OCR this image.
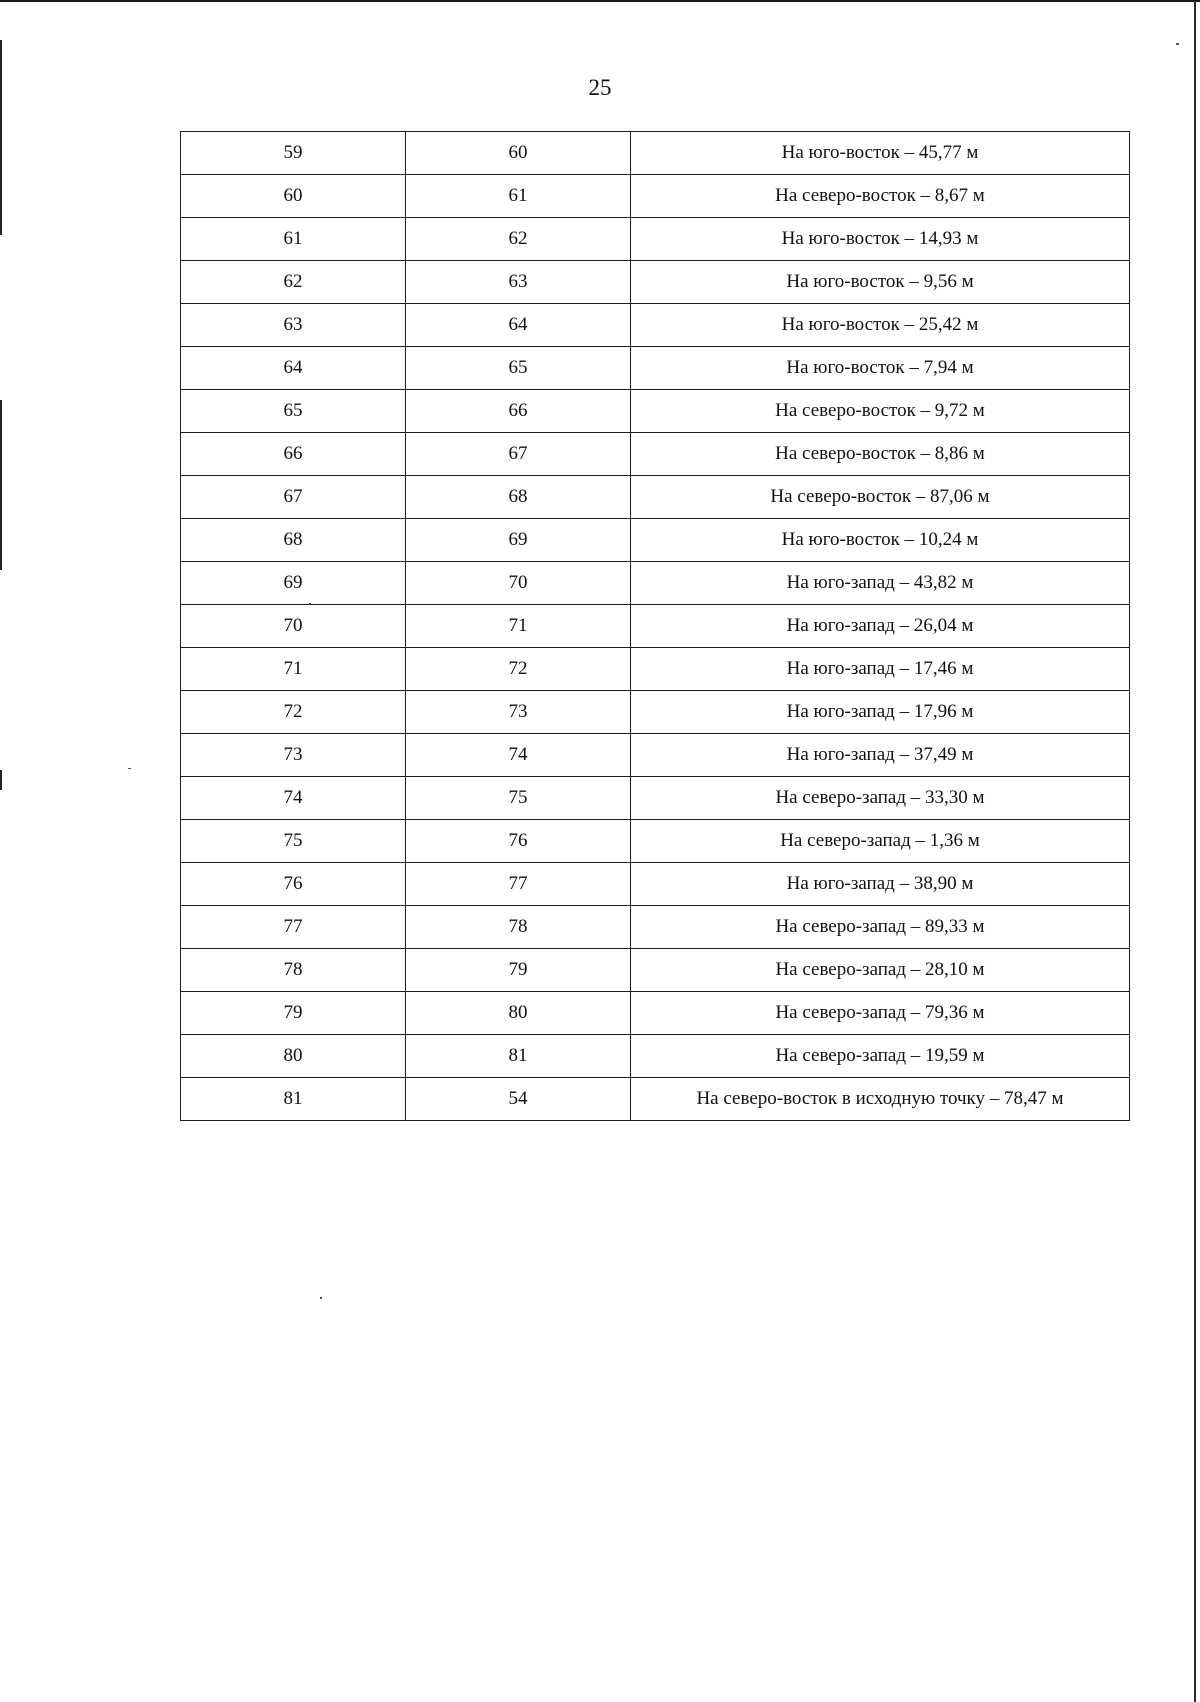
25
59	60	На юго-восток – 45,77 м
60	61	На северо-восток – 8,67 м
61	62	На юго-восток – 14,93 м
62	63	На юго-восток – 9,56 м
63	64	На юго-восток – 25,42 м
64	65	На юго-восток – 7,94 м
65	66	На северо-восток – 9,72 м
66	67	На северо-восток – 8,86 м
67	68	На северо-восток – 87,06 м
68	69	На юго-восток – 10,24 м
69	70	На юго-запад – 43,82 м
70	71	На юго-запад – 26,04 м
71	72	На юго-запад – 17,46 м
72	73	На юго-запад – 17,96 м
73	74	На юго-запад – 37,49 м
74	75	На северо-запад – 33,30 м
75	76	На северо-запад – 1,36 м
76	77	На юго-запад – 38,90 м
77	78	На северо-запад – 89,33 м
78	79	На северо-запад – 28,10 м
79	80	На северо-запад – 79,36 м
80	81	На северо-запад – 19,59 м
81	54	На северо-восток в исходную точку – 78,47 м
